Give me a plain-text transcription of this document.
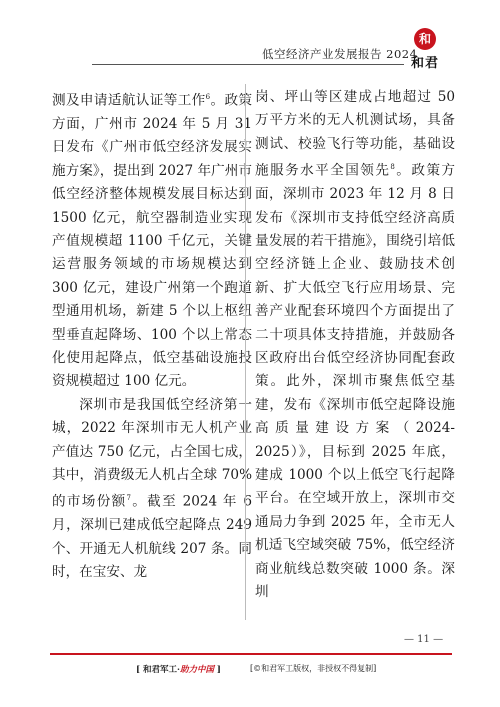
低空经济产业发展报告 2024
和
和君

测及申请适航认证等工作$^6$。政策方面，广州市 2024 年 5 月 31 日发布《广州市低空经济发展实施方案》，提出到 2027 年广州市低空经济整体规模发展目标达到 1500 亿元，航空器制造业实现产值规模超 1100 千亿元，关键运营服务领域的市场规模达到 300 亿元，建设广州第一个跑道型通用机场，新建 5 个以上枢纽型垂直起降场、100 个以上常态化使用起降点，低空基础设施投资规模超过 100 亿元。

深圳市是我国低空经济第一城，2022 年深圳市无人机产业产值达 750 亿元，占全国七成，其中，消费级无人机占全球 70% 的市场份额$^7$。截至 2024 年 6 月，深圳已建成低空起降点 249 个、开通无人机航线 207 条。同时，在宝安、龙

岗、坪山等区建成占地超过 50 万平方米的无人机测试场，具备测试、校验飞行等功能，基础设施服务水平全国领先$^8$。政策方面，深圳市 2023 年 12 月 8 日发布《深圳市支持低空经济高质量发展的若干措施》，围绕引培低空经济链上企业、鼓励技术创新、扩大低空飞行应用场景、完善产业配套环境四个方面提出了二十项具体支持措施，并鼓励各区政府出台低空经济协同配套政策。此外，深圳市聚焦低空基建，发布《深圳市低空起降设施高质量建设方案（2024-2025）》，目标到 2025 年底，建成 1000 个以上低空飞行起降平台。在空域开放上，深圳市交通局力争到 2025 年，全市无人机适飞空域突破 75%，低空经济商业航线总数突破 1000 条。深圳

— 11 —
[ 和君军工·助力中国 ]	[©和君军工版权，非授权不得复制]
